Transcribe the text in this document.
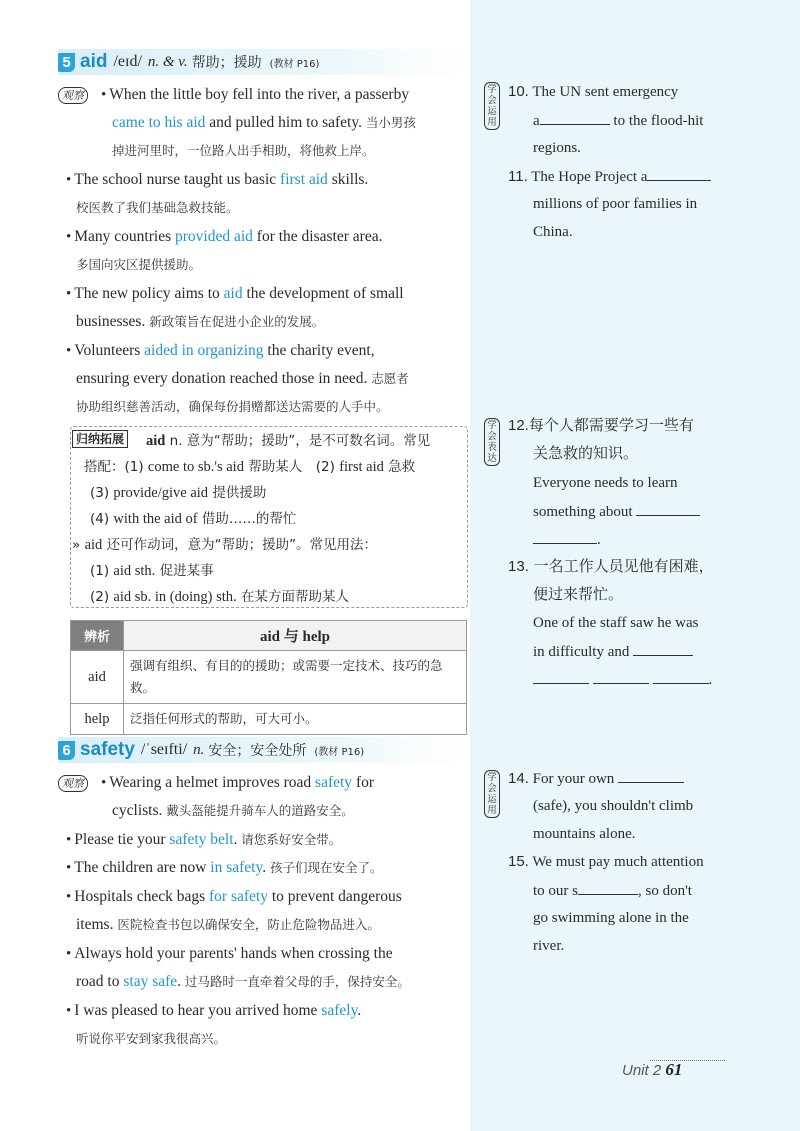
5 aid /eɪd/ n. & v. 帮助；援助 (教材 P16)
观察 • When the little boy fell into the river, a passerby
came to his aid and pulled him to safety. 当小男孩
掉进河里时，一位路人出手相助，将他救上岸。
• The school nurse taught us basic first aid skills.
校医教了我们基础急救技能。
• Many countries provided aid for the disaster area.
多国向灾区提供援助。
• The new policy aims to aid the development of small
businesses. 新政策旨在促进小企业的发展。
• Volunteers aided in organizing the charity event,
ensuring every donation reached those in need. 志愿者
协助组织慈善活动，确保每份捐赠都送达需要的人手中。
归纳拓展 aid n. 意为“帮助；援助”，是不可数名词。常见
搭配：(1) come to sb.'s aid 帮助某人　(2) first aid 急救
(3) provide/give aid 提供援助
(4) with the aid of 借助……的帮忙
» aid 还可作动词，意为“帮助；援助”。常见用法：
(1) aid sth. 促进某事
(2) aid sb. in (doing) sth. 在某方面帮助某人
辨析	aid 与 help
aid	强调有组织、有目的的援助；或需要一定技术、技巧的急救。
help	泛指任何形式的帮助，可大可小。
6 safety /ˈseɪfti/ n. 安全；安全处所 (教材 P16)
观察 • Wearing a helmet improves road safety for
cyclists. 戴头盔能提升骑车人的道路安全。
• Please tie your safety belt. 请您系好安全带。
• The children are now in safety. 孩子们现在安全了。
• Hospitals check bags for safety to prevent dangerous
items. 医院检查书包以确保安全，防止危险物品进入。
• Always hold your parents' hands when crossing the
road to stay safe. 过马路时一直牵着父母的手，保持安全。
• I was pleased to hear you arrived home safely.
听说你平安到家我很高兴。
学会运用
学会表达
学会运用
10. The UN sent emergency
a	to the flood-hit
regions.
11. The Hope Project a
millions of poor families in
China.
12.每个人都需要学习一些有
关急救的知识。
Everyone needs to learn
something about
.
13. 一名工作人员见他有困难，
便过来帮忙。
One of the staff saw he was
in difficulty and
.
14. For your own
(safe), you shouldn't climb
mountains alone.
15. We must pay much attention
to our s	, so don't
go swimming alone in the
river.
Unit 2 61
